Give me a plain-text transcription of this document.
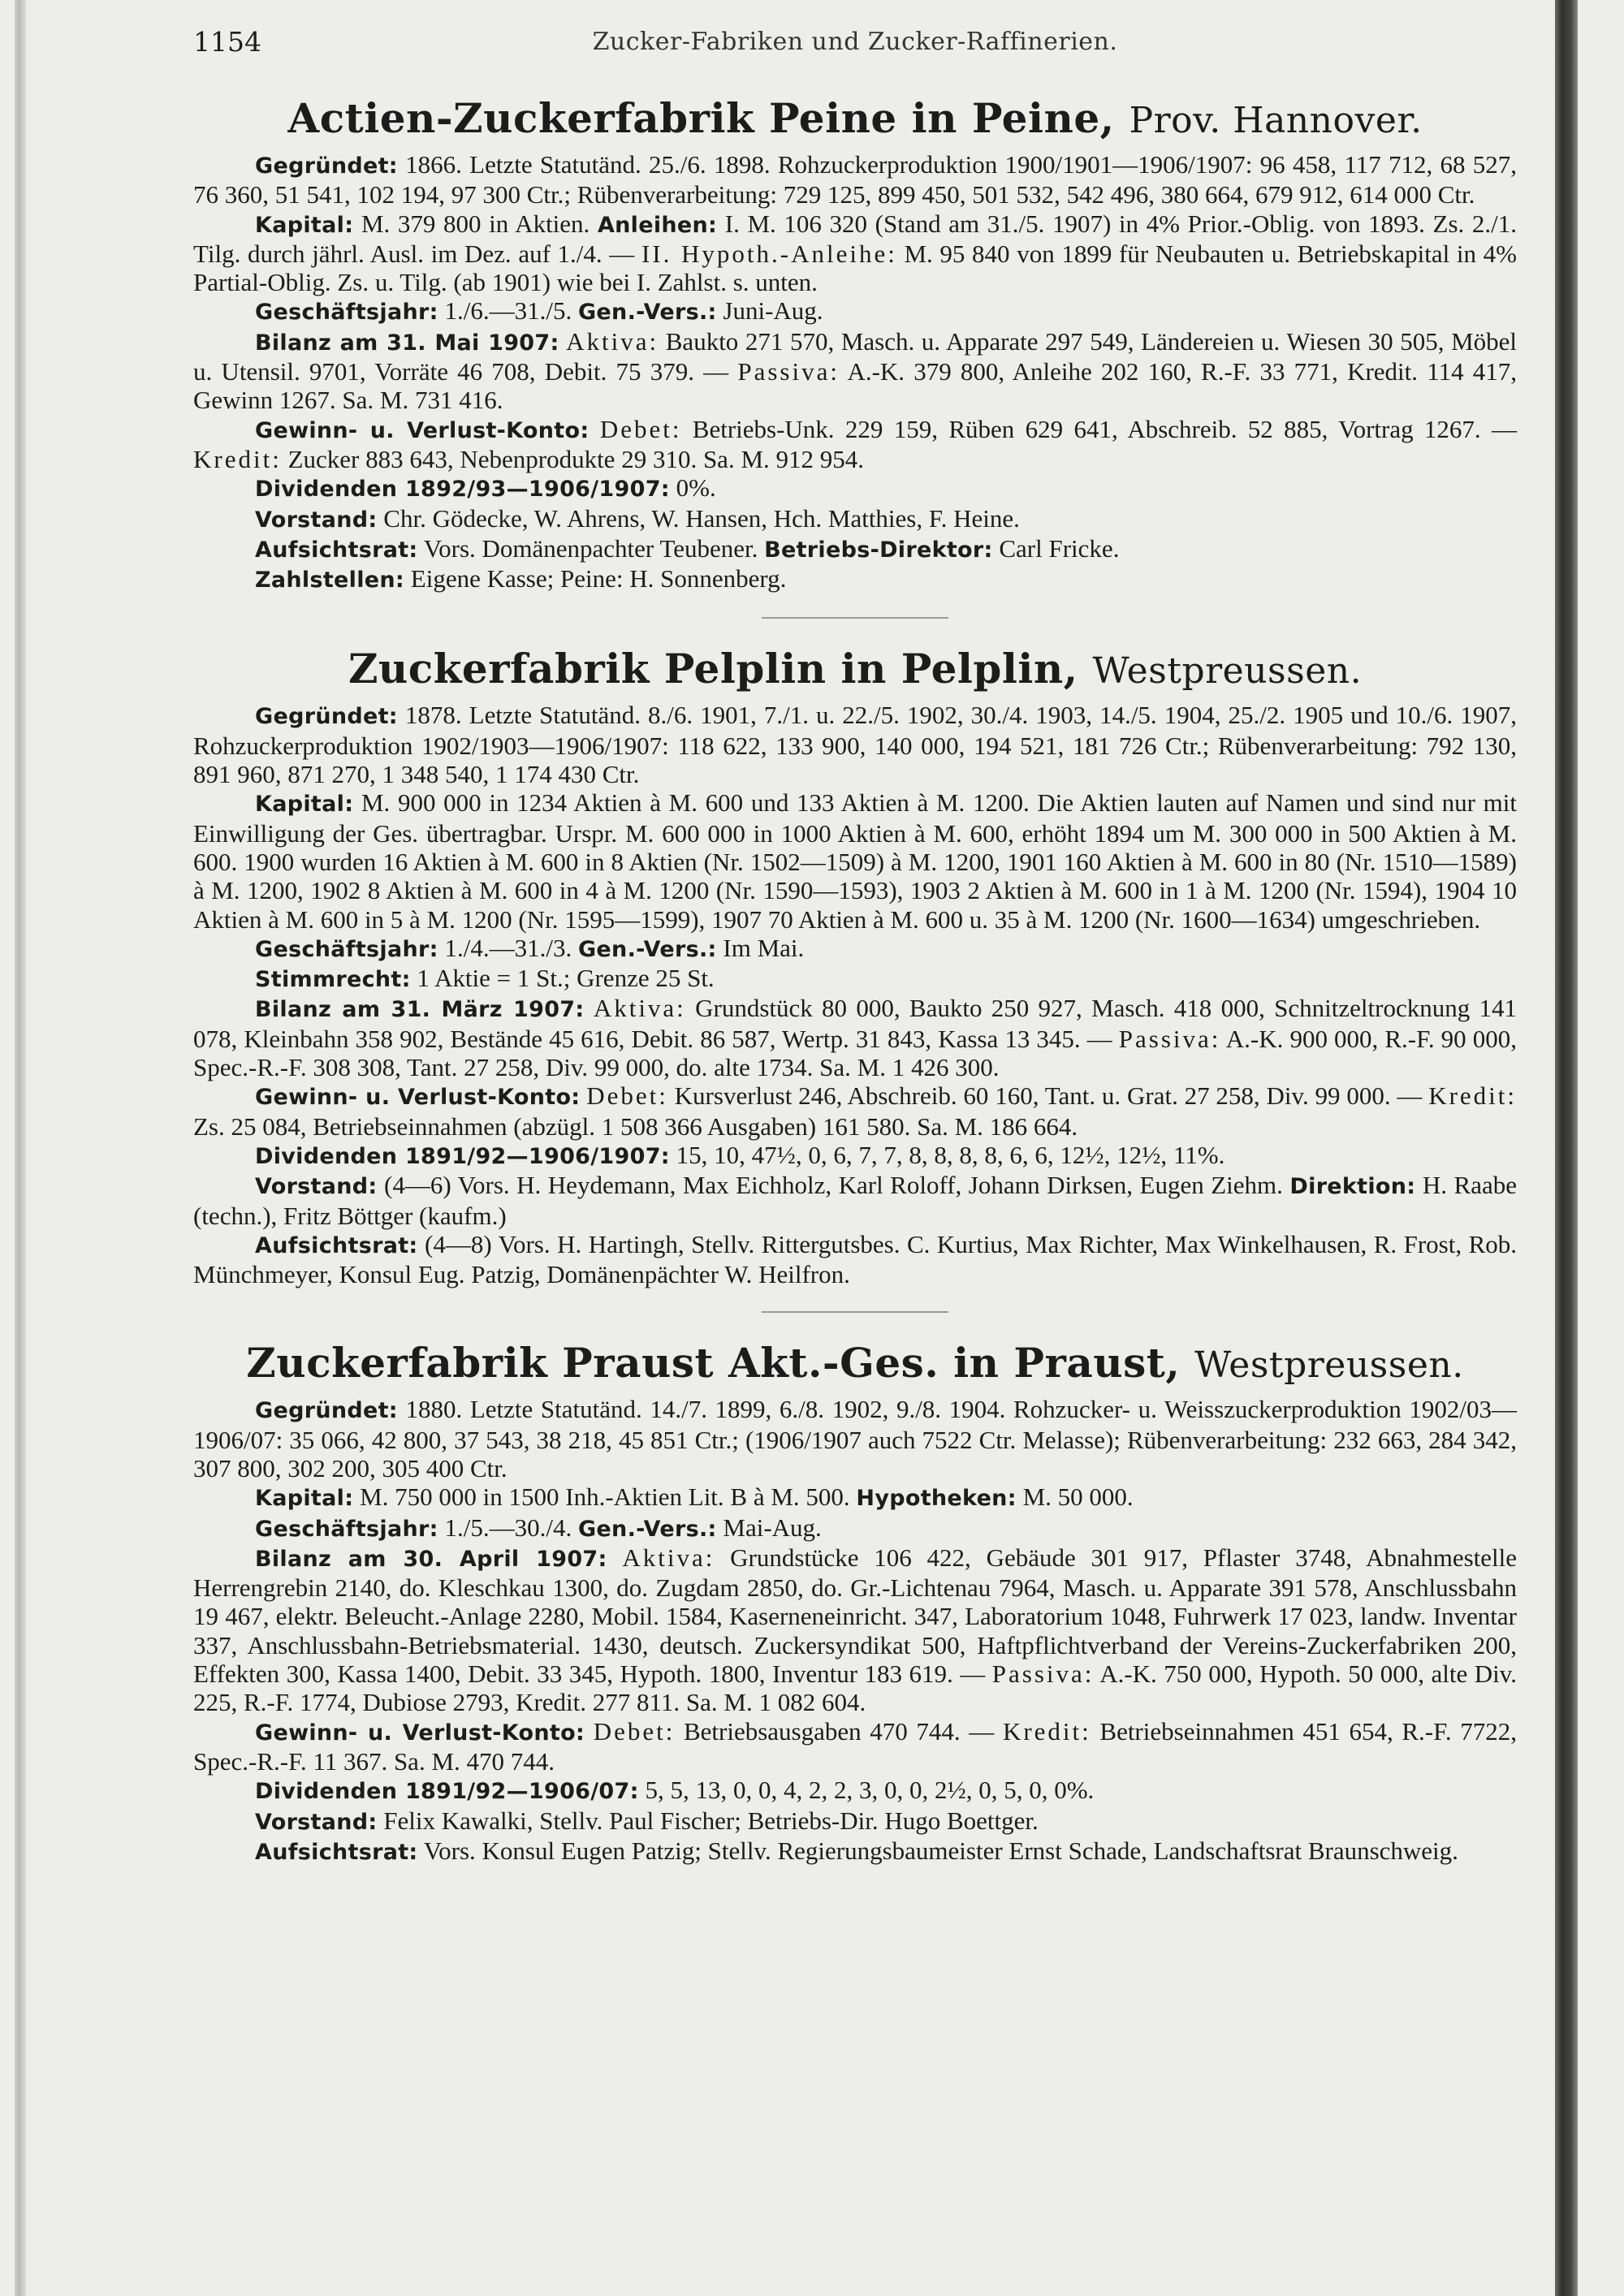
1154	Zucker-Fabriken und Zucker-Raffinerien.
Actien-Zuckerfabrik Peine in Peine, Prov. Hannover.

Gegründet: 1866. Letzte Statutänd. 25./6. 1898. Rohzuckerproduktion 1900/1901—1906/1907: 96 458, 117 712, 68 527, 76 360, 51 541, 102 194, 97 300 Ctr.; Rübenverarbeitung: 729 125, 899 450, 501 532, 542 496, 380 664, 679 912, 614 000 Ctr.

Kapital: M. 379 800 in Aktien. Anleihen: I. M. 106 320 (Stand am 31./5. 1907) in 4% Prior.-Oblig. von 1893. Zs. 2./1. Tilg. durch jährl. Ausl. im Dez. auf 1./4. — II. Hypoth.-Anleihe: M. 95 840 von 1899 für Neubauten u. Betriebskapital in 4% Partial-Oblig. Zs. u. Tilg. (ab 1901) wie bei I. Zahlst. s. unten.

Geschäftsjahr: 1./6.—31./5. Gen.-Vers.: Juni-Aug.

Bilanz am 31. Mai 1907: Aktiva: Baukto 271 570, Masch. u. Apparate 297 549, Ländereien u. Wiesen 30 505, Möbel u. Utensil. 9701, Vorräte 46 708, Debit. 75 379. — Passiva: A.-K. 379 800, Anleihe 202 160, R.-F. 33 771, Kredit. 114 417, Gewinn 1267. Sa. M. 731 416.

Gewinn- u. Verlust-Konto: Debet: Betriebs-Unk. 229 159, Rüben 629 641, Abschreib. 52 885, Vortrag 1267. — Kredit: Zucker 883 643, Nebenprodukte 29 310. Sa. M. 912 954.

Dividenden 1892/93—1906/1907: 0%.

Vorstand: Chr. Gödecke, W. Ahrens, W. Hansen, Hch. Matthies, F. Heine.

Aufsichtsrat: Vors. Domänenpachter Teubener. Betriebs-Direktor: Carl Fricke.

Zahlstellen: Eigene Kasse; Peine: H. Sonnenberg.

Zuckerfabrik Pelplin in Pelplin, Westpreussen.

Gegründet: 1878. Letzte Statutänd. 8./6. 1901, 7./1. u. 22./5. 1902, 30./4. 1903, 14./5. 1904, 25./2. 1905 und 10./6. 1907, Rohzuckerproduktion 1902/1903—1906/1907: 118 622, 133 900, 140 000, 194 521, 181 726 Ctr.; Rübenverarbeitung: 792 130, 891 960, 871 270, 1 348 540, 1 174 430 Ctr.

Kapital: M. 900 000 in 1234 Aktien à M. 600 und 133 Aktien à M. 1200. Die Aktien lauten auf Namen und sind nur mit Einwilligung der Ges. übertragbar. Urspr. M. 600 000 in 1000 Aktien à M. 600, erhöht 1894 um M. 300 000 in 500 Aktien à M. 600. 1900 wurden 16 Aktien à M. 600 in 8 Aktien (Nr. 1502—1509) à M. 1200, 1901 160 Aktien à M. 600 in 80 (Nr. 1510—1589) à M. 1200, 1902 8 Aktien à M. 600 in 4 à M. 1200 (Nr. 1590—1593), 1903 2 Aktien à M. 600 in 1 à M. 1200 (Nr. 1594), 1904 10 Aktien à M. 600 in 5 à M. 1200 (Nr. 1595—1599), 1907 70 Aktien à M. 600 u. 35 à M. 1200 (Nr. 1600—1634) umgeschrieben.

Geschäftsjahr: 1./4.—31./3. Gen.-Vers.: Im Mai.

Stimmrecht: 1 Aktie = 1 St.; Grenze 25 St.

Bilanz am 31. März 1907: Aktiva: Grundstück 80 000, Baukto 250 927, Masch. 418 000, Schnitzeltrocknung 141 078, Kleinbahn 358 902, Bestände 45 616, Debit. 86 587, Wertp. 31 843, Kassa 13 345. — Passiva: A.-K. 900 000, R.-F. 90 000, Spec.-R.-F. 308 308, Tant. 27 258, Div. 99 000, do. alte 1734. Sa. M. 1 426 300.

Gewinn- u. Verlust-Konto: Debet: Kursverlust 246, Abschreib. 60 160, Tant. u. Grat. 27 258, Div. 99 000. — Kredit: Zs. 25 084, Betriebseinnahmen (abzügl. 1 508 366 Ausgaben) 161 580. Sa. M. 186 664.

Dividenden 1891/92—1906/1907: 15, 10, 47½, 0, 6, 7, 7, 8, 8, 8, 8, 6, 6, 12½, 12½, 11%.

Vorstand: (4—6) Vors. H. Heydemann, Max Eichholz, Karl Roloff, Johann Dirksen, Eugen Ziehm. Direktion: H. Raabe (techn.), Fritz Böttger (kaufm.)

Aufsichtsrat: (4—8) Vors. H. Hartingh, Stellv. Rittergutsbes. C. Kurtius, Max Richter, Max Winkelhausen, R. Frost, Rob. Münchmeyer, Konsul Eug. Patzig, Domänenpächter W. Heilfron.

Zuckerfabrik Praust Akt.-Ges. in Praust, Westpreussen.

Gegründet: 1880. Letzte Statutänd. 14./7. 1899, 6./8. 1902, 9./8. 1904. Rohzucker- u. Weisszuckerproduktion 1902/03—1906/07: 35 066, 42 800, 37 543, 38 218, 45 851 Ctr.; (1906/1907 auch 7522 Ctr. Melasse); Rübenverarbeitung: 232 663, 284 342, 307 800, 302 200, 305 400 Ctr.

Kapital: M. 750 000 in 1500 Inh.-Aktien Lit. B à M. 500. Hypotheken: M. 50 000.

Geschäftsjahr: 1./5.—30./4. Gen.-Vers.: Mai-Aug.

Bilanz am 30. April 1907: Aktiva: Grundstücke 106 422, Gebäude 301 917, Pflaster 3748, Abnahmestelle Herrengrebin 2140, do. Kleschkau 1300, do. Zugdam 2850, do. Gr.-Lichtenau 7964, Masch. u. Apparate 391 578, Anschlussbahn 19 467, elektr. Beleucht.-Anlage 2280, Mobil. 1584, Kaserneneinricht. 347, Laboratorium 1048, Fuhrwerk 17 023, landw. Inventar 337, Anschlussbahn-Betriebsmaterial. 1430, deutsch. Zuckersyndikat 500, Haftpflichtverband der Vereins-Zuckerfabriken 200, Effekten 300, Kassa 1400, Debit. 33 345, Hypoth. 1800, Inventur 183 619. — Passiva: A.-K. 750 000, Hypoth. 50 000, alte Div. 225, R.-F. 1774, Dubiose 2793, Kredit. 277 811. Sa. M. 1 082 604.

Gewinn- u. Verlust-Konto: Debet: Betriebsausgaben 470 744. — Kredit: Betriebseinnahmen 451 654, R.-F. 7722, Spec.-R.-F. 11 367. Sa. M. 470 744.

Dividenden 1891/92—1906/07: 5, 5, 13, 0, 0, 4, 2, 2, 3, 0, 0, 2½, 0, 5, 0, 0%.

Vorstand: Felix Kawalki, Stellv. Paul Fischer; Betriebs-Dir. Hugo Boettger.

Aufsichtsrat: Vors. Konsul Eugen Patzig; Stellv. Regierungsbaumeister Ernst Schade, Landschaftsrat Braunschweig.
